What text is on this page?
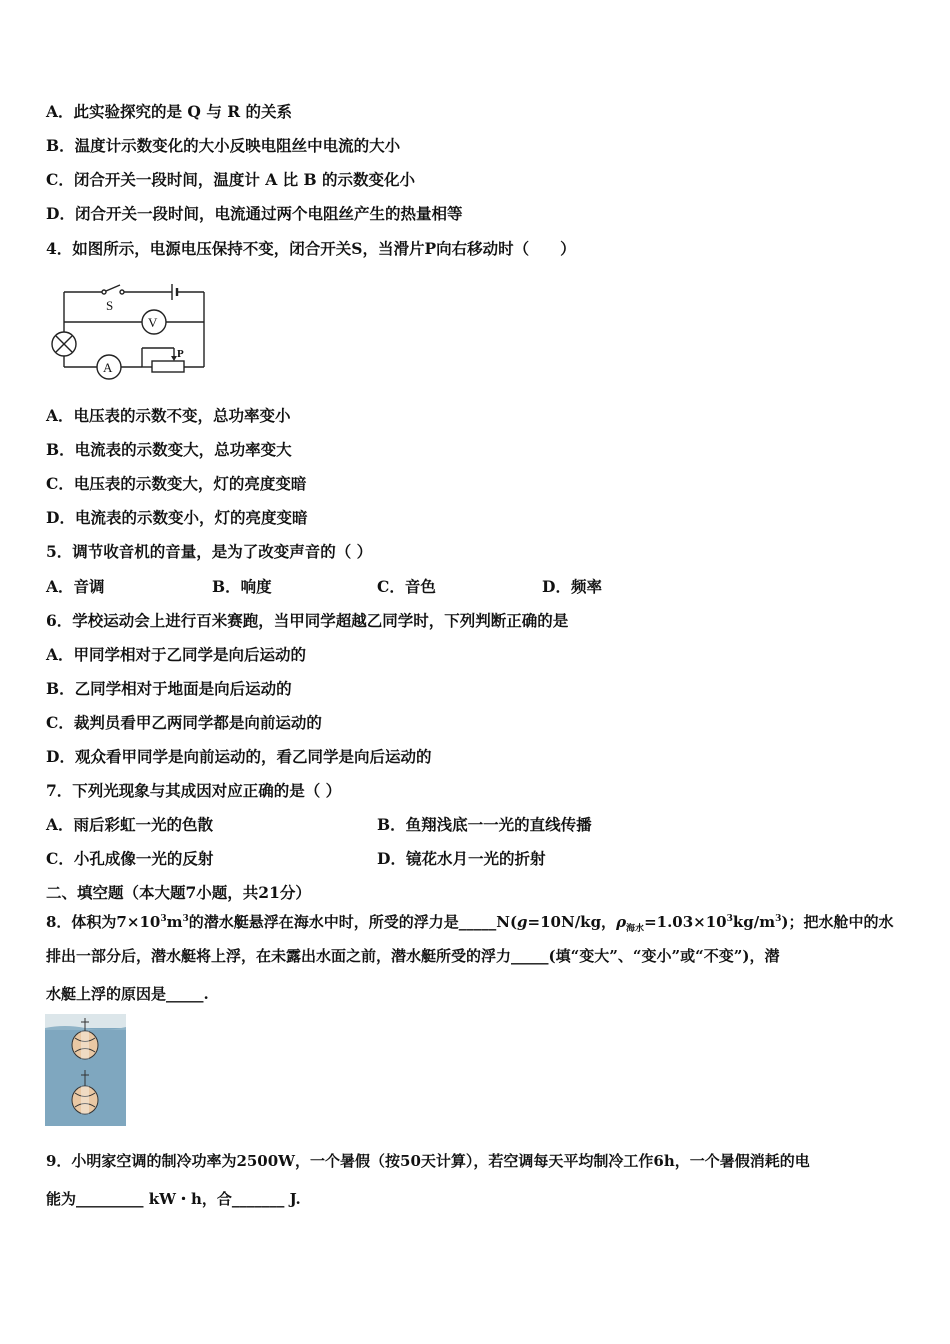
A．此实验探究的是 Q 与 R 的关系
B．温度计示数变化的大小反映电阻丝中电流的大小
C．闭合开关一段时间，温度计 A 比 B 的示数变化小
D．闭合开关一段时间，电流通过两个电阻丝产生的热量相等
4．如图所示，电源电压保持不变，闭合开关S，当滑片P向右移动时（　　）
S
V
A
P
A．电压表的示数不变，总功率变小
B．电流表的示数变大，总功率变大
C．电压表的示数变大，灯的亮度变暗
D．电流表的示数变小，灯的亮度变暗
5．调节收音机的音量，是为了改变声音的（ ）
A．音调	B．响度	C．音色	D．频率
6．学校运动会上进行百米赛跑，当甲同学超越乙同学时，下列判断正确的是
A．甲同学相对于乙同学是向后运动的
B．乙同学相对于地面是向后运动的
C．裁判员看甲乙两同学都是向前运动的
D．观众看甲同学是向前运动的，看乙同学是向后运动的
7．下列光现象与其成因对应正确的是（ ）
A．雨后彩虹一光的色散	B．鱼翔浅底一一光的直线传播
C．小孔成像一光的反射	D．镜花水月一光的折射
二、填空题（本大题7小题，共21分）
8．体积为$7\times 10^3m^3$的潜水艇悬浮在海水中时，所受的浮力是_____N(g=10N/kg，$\rho_{海水}=1.03\times 10^3kg/m^3$)；把水舱中的水
排出一部分后，潜水艇将上浮，在未露出水面之前，潜水艇所受的浮力_____(填“变大”、“变小”或“不变”)，潜
水艇上浮的原因是_____.
9．小明家空调的制冷功率为2500W，一个暑假（按50天计算），若空调每天平均制冷工作6h，一个暑假消耗的电
能为_________ kW・h，合_______ J.
